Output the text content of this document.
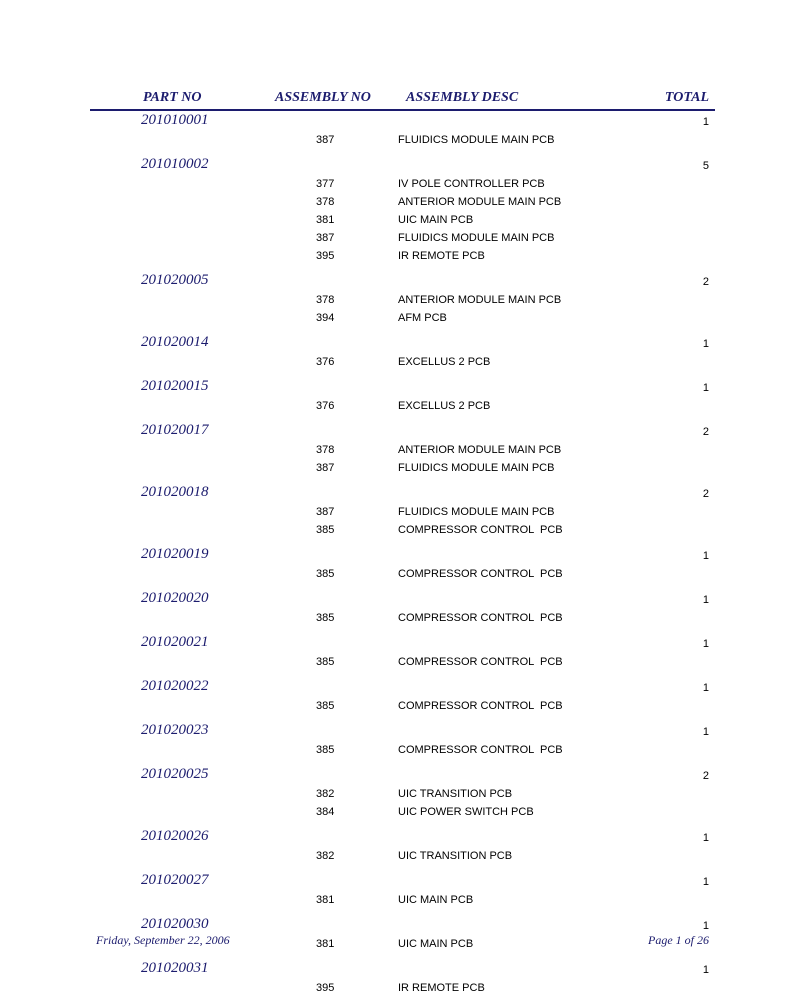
PART NO	ASSEMBLY NO	ASSEMBLY DESC	TOTAL
201010001	1
387	FLUIDICS MODULE MAIN PCB
201010002	5
377	IV POLE CONTROLLER PCB
378	ANTERIOR MODULE MAIN PCB
381	UIC MAIN PCB
387	FLUIDICS MODULE MAIN PCB
395	IR REMOTE PCB
201020005	2
378	ANTERIOR MODULE MAIN PCB
394	AFM PCB
201020014	1
376	EXCELLUS 2 PCB
201020015	1
376	EXCELLUS 2 PCB
201020017	2
378	ANTERIOR MODULE MAIN PCB
387	FLUIDICS MODULE MAIN PCB
201020018	2
387	FLUIDICS MODULE MAIN PCB
385	COMPRESSOR CONTROL  PCB
201020019	1
385	COMPRESSOR CONTROL  PCB
201020020	1
385	COMPRESSOR CONTROL  PCB
201020021	1
385	COMPRESSOR CONTROL  PCB
201020022	1
385	COMPRESSOR CONTROL  PCB
201020023	1
385	COMPRESSOR CONTROL  PCB
201020025	2
382	UIC TRANSITION PCB
384	UIC POWER SWITCH PCB
201020026	1
382	UIC TRANSITION PCB
201020027	1
381	UIC MAIN PCB
201020030	1
381	UIC MAIN PCB
201020031	1
395	IR REMOTE PCB
Friday, September 22, 2006	Page 1 of 26
